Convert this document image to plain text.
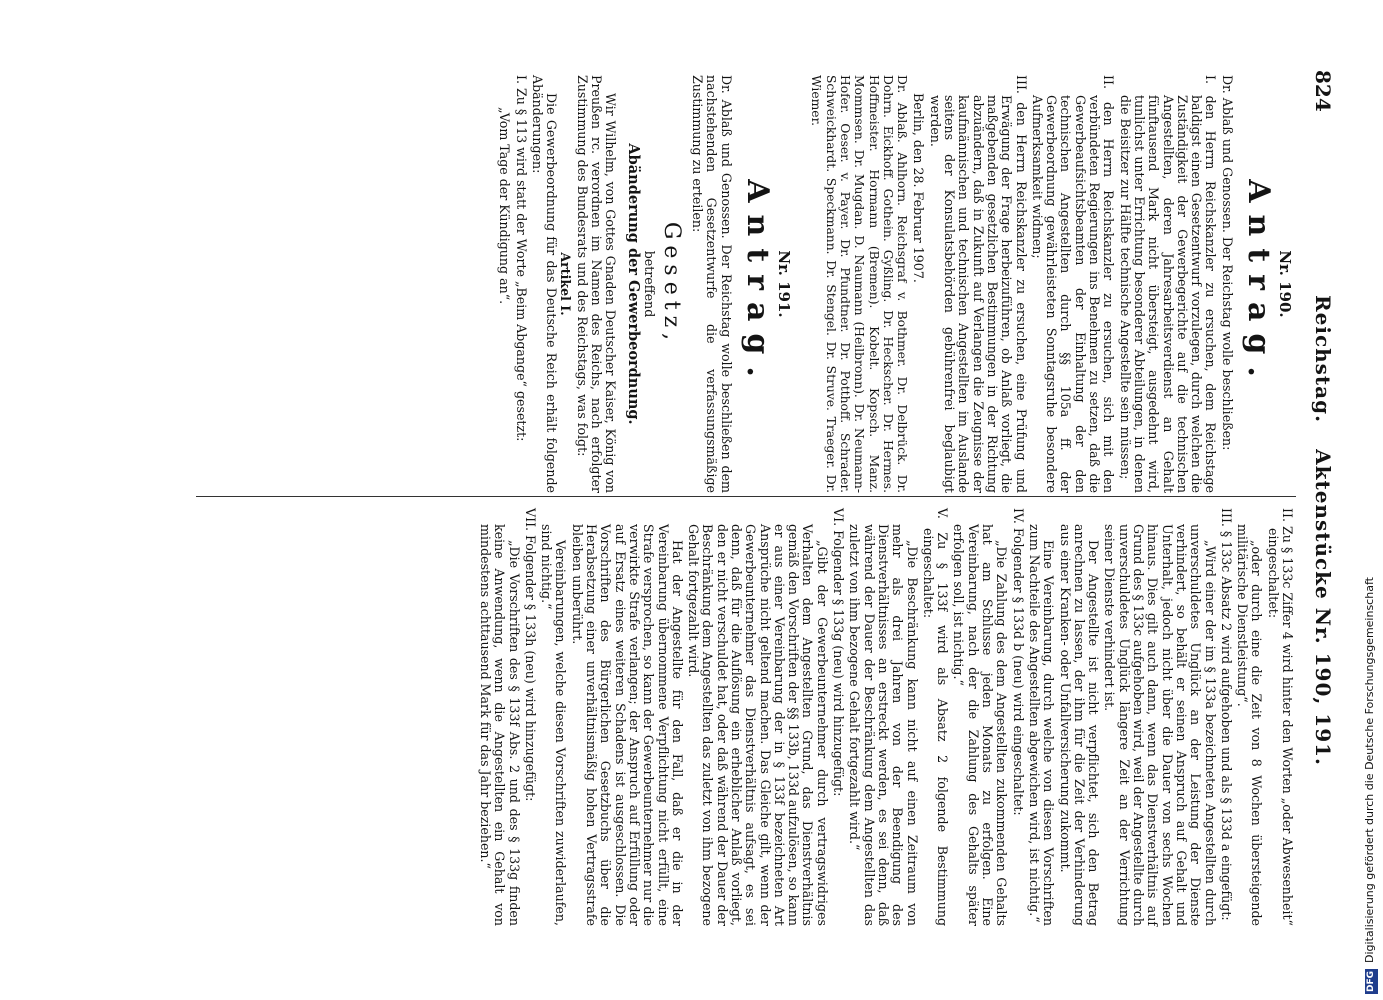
824
Reichstag.Aktenstücke Nr. 190, 191.
Nr. 190.
Antrag.

Dr. Ablaß und Genossen. Der Reichstag wolle beschließen:

I. den Herrn Reichskanzler zu ersuchen, dem Reichstage baldigst einen Gesetzentwurf vorzulegen, durch welchen die Zuständigkeit der Gewerbegerichte auf die technischen Angestellten, deren Jahresarbeitsverdienst an Gehalt fünftausend Mark nicht übersteigt, ausgedehnt wird, tunlichst unter Errichtung besonderer Abteilungen, in denen die Beisitzer zur Hälfte technische Angestellte sein müssen;

II. den Herrn Reichskanzler zu ersuchen, sich mit den verbündeten Regierungen ins Benehmen zu setzen, daß die Gewerbeaufsichtsbeamten der Einhaltung der den technischen Angestellten durch §§ 105a ff. der Gewerbeordnung gewährleisteten Sonntagsruhe besondere Aufmerksamkeit widmen;

III. den Herrn Reichskanzler zu ersuchen, eine Prüfung und Erwägung der Frage herbeizuführen, ob Anlaß vorliegt, die maßgebenden gesetzlichen Bestimmungen in der Richtung abzuändern, daß in Zukunft auf Verlangen die Zeugnisse der kaufmännischen und technischen Angestellten im Auslande seitens der Konsulatsbehörden gebührenfrei beglaubigt werden.

Berlin, den 28. Februar 1907.

Dr. Ablaß. Ahlhorn. Reichsgraf v. Bothmer. Dr. Delbrück. Dr. Dohrn. Eickhoff. Gothein. Gyßling. Dr. Heckscher. Dr. Hermes. Hoffmeister. Hormann (Bremen). Kobelt. Kopsch. Manz. Mommsen. Dr. Mugdan. D. Naumann (Heilbronn). Dr. Neumann-Hofer. Oeser. v. Payer. Dr. Pfundtner. Dr. Potthoff. Schrader. Schweickhardt. Speckmann. Dr. Stengel. Dr. Struve. Traeger. Dr. Wiemer.

Nr. 191.
Antrag.

Dr. Ablaß und Genossen. Der Reichstag wolle beschließen dem nachstehenden Gesetzentwurfe die verfassungsmäßige Zustimmung zu erteilen:

Gesetz,
betreffend
Abänderung der Gewerbeordnung.

Wir Wilhelm, von Gottes Gnaden Deutscher Kaiser, König von Preußen rc. verordnen im Namen des Reichs, nach erfolgter Zustimmung des Bundesrats und des Reichstags, was folgt:

Artikel I.

Die Gewerbeordnung für das Deutsche Reich erhält folgende Abänderungen:

I. Zu § 113 wird statt der Worte „Beim Abgange“ gesetzt:

„Vom Tage der Kündigung an“.

II. Zu § 133c Ziffer 4 wird hinter den Worten „oder Abwesenheit“ eingeschaltet:

„oder durch eine die Zeit von 8 Wochen übersteigende militärische Dienstleistung“.

III. § 133c Absatz 2 wird aufgehoben und als § 133d a eingefügt:

„Wird einer der im § 133a bezeichneten Angestellten durch unverschuldetes Unglück an der Leistung der Dienste verhindert, so behält er seinen Anspruch auf Gehalt und Unterhalt, jedoch nicht über die Dauer von sechs Wochen hinaus. Dies gilt auch dann, wenn das Dienstverhältnis auf Grund des § 133c aufgehoben wird, weil der Angestellte durch unverschuldetes Unglück längere Zeit an der Verrichtung seiner Dienste verhindert ist.

Der Angestellte ist nicht verpflichtet, sich den Betrag anrechnen zu lassen, der ihm für die Zeit der Verhinderung aus einer Kranken- oder Unfallversicherung zukommt.

Eine Vereinbarung, durch welche von diesen Vorschriften zum Nachteile des Angestellten abgewichen wird, ist nichtig.“

IV. Folgender § 133d b (neu) wird eingeschaltet:

„Die Zahlung des dem Angestellten zukommenden Gehalts hat am Schlusse jeden Monats zu erfolgen. Eine Vereinbarung, nach der die Zahlung des Gehalts später erfolgen soll, ist nichtig.“

V. Zu § 133f wird als Absatz 2 folgende Bestimmung eingeschaltet:

„Die Beschränkung kann nicht auf einen Zeitraum von mehr als drei Jahren von der Beendigung des Dienstverhältnisses an erstreckt werden, es sei denn, daß während der Dauer der Beschränkung dem Angestellten das zuletzt von ihm bezogene Gehalt fortgezahlt wird.“

VI. Folgender § 133g (neu) wird hinzugefügt:

„Gibt der Gewerbeunternehmer durch vertragswidriges Verhalten dem Angestellten Grund, das Dienstverhältnis gemäß den Vorschriften der §§ 133b, 133d aufzulösen, so kann er aus einer Vereinbarung der in § 133f bezeichneten Art Ansprüche nicht geltend machen. Das Gleiche gilt, wenn der Gewerbeunternehmer das Dienstverhältnis aufsagt, es sei denn, daß für die Auflösung ein erheblicher Anlaß vorliegt, den er nicht verschuldet hat, oder daß während der Dauer der Beschränkung dem Angestellten das zuletzt von ihm bezogene Gehalt fortgezahlt wird.

Hat der Angestellte für den Fall, daß er die in der Vereinbarung übernommene Verpflichtung nicht erfüllt, eine Strafe versprochen, so kann der Gewerbeunternehmer nur die verwirkte Strafe verlangen; der Anspruch auf Erfüllung oder auf Ersatz eines weiteren Schadens ist ausgeschlossen. Die Vorschriften des Bürgerlichen Gesetzbuchs über die Herabsetzung einer unverhältnismäßig hohen Vertragsstrafe bleiben unberührt.

Vereinbarungen, welche diesen Vorschriften zuwiderlaufen, sind nichtig.“

VII. Folgender § 133h (neu) wird hinzugefügt:

„Die Vorschriften des § 133f Abs. 2 und des § 133g finden keine Anwendung, wenn die Angestellten ein Gehalt von mindestens achttausend Mark für das Jahr beziehen.“

DFGDigitalisierung gefördert durch die Deutsche Forschungsgemeinschaft
